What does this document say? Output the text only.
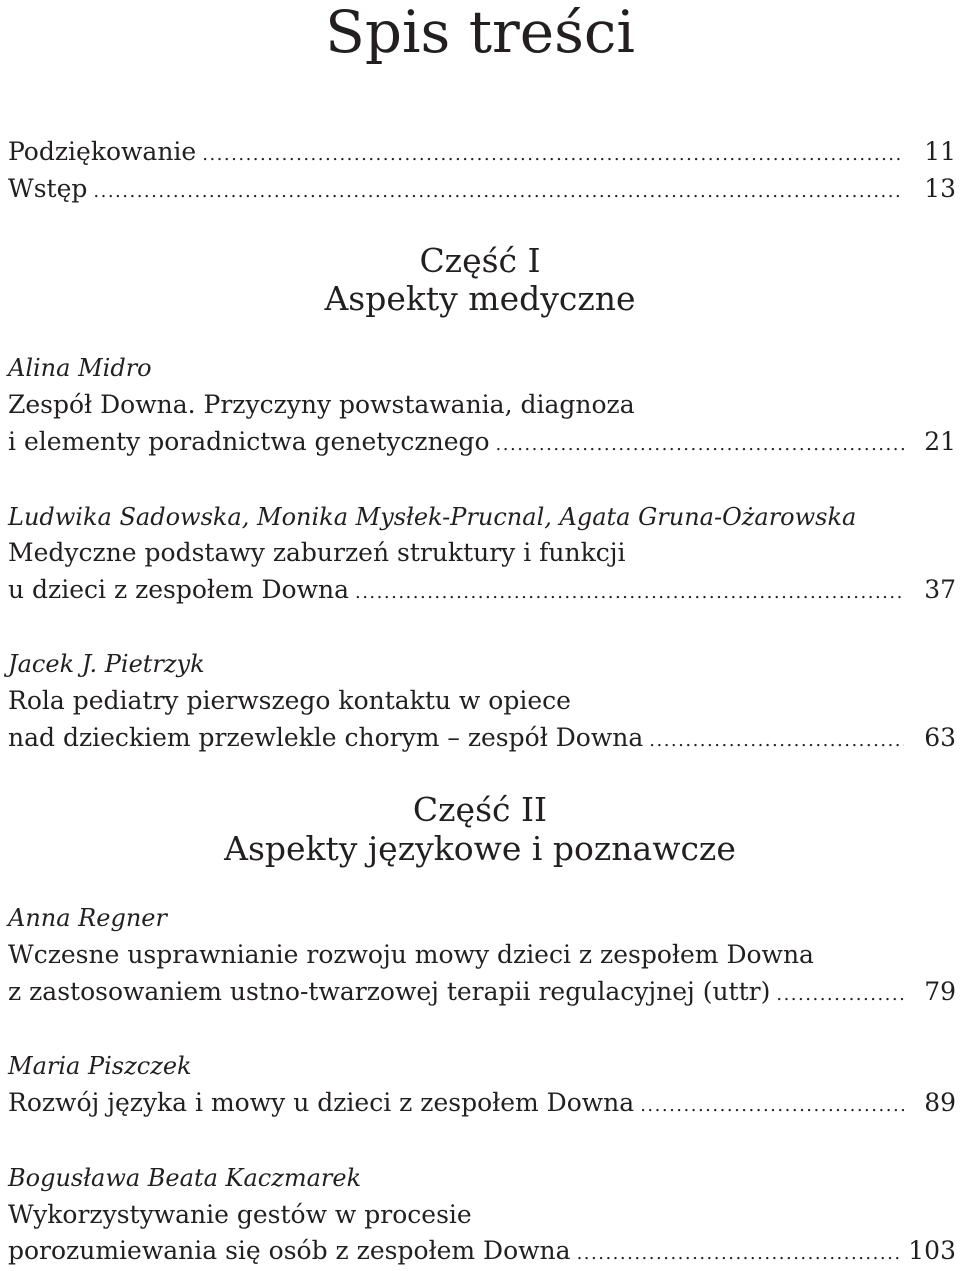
Spis treści
Podziękowanie .....	11
Wstęp .....	13
Część I
Aspekty medyczne
Alina Midro
Zespół Downa. Przyczyny powstawania, diagnoza
i elementy poradnictwa genetycznego .....	21
Ludwika Sadowska, Monika Mysłek-Prucnal, Agata Gruna-Ożarowska
Medyczne podstawy zaburzeń struktury i funkcji
u dzieci z zespołem Downa .....	37
Jacek J. Pietrzyk
Rola pediatry pierwszego kontaktu w opiece
nad dzieckiem przewlekle chorym – zespół Downa .....	63
Część II
Aspekty językowe i poznawcze
Anna Regner
Wczesne usprawnianie rozwoju mowy dzieci z zespołem Downa
z zastosowaniem ustno-twarzowej terapii regulacyjnej (uttr) .....	79
Maria Piszczek
Rozwój języka i mowy u dzieci z zespołem Downa .....	89
Bogusława Beata Kaczmarek
Wykorzystywanie gestów w procesie
porozumiewania się osób z zespołem Downa .....	103
